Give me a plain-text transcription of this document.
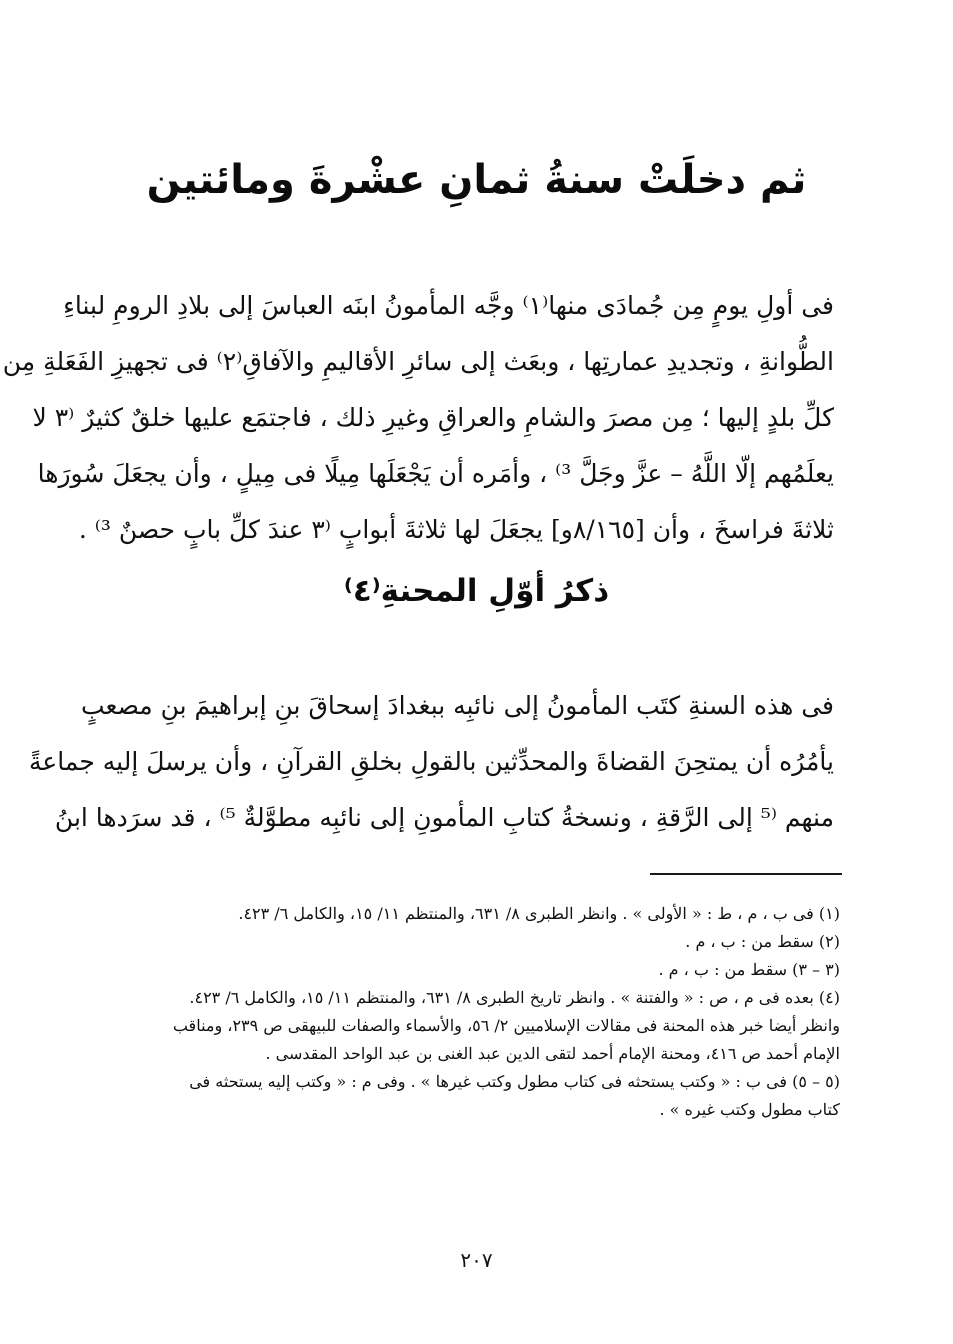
ثم دخلَتْ سنةُ ثمانِ عشْرةَ ومائتين
فى أولِ يومٍ مِن جُمادَى منها⁽١⁾ وجَّه المأمونُ ابنَه العباسَ إلى بلادِ الرومِ لبناءِ
الطُّوانةِ ، وتجديدِ عمارتِها ، وبعَث إلى سائرِ الأقاليمِ والآفاقِ⁽٢⁾ فى تجهيزِ الفَعَلةِ مِن
كلِّ بلدٍ إليها ؛ مِن مصرَ والشامِ والعراقِ وغيرِ ذلك ، فاجتمَع عليها خلقٌ كثيرٌ ⁽٣ لا
يعلَمُهم إلّا اللَّهُ – عزَّ وجَلَّ ³⁾ ، وأمَره أن يَجْعَلَها مِيلًا فى مِيلٍ ، وأن يجعَلَ سُورَها
ثلاثةَ فراسخَ ، وأن [٨/١٦٥و] يجعَلَ لها ثلاثةَ أبوابٍ ⁽٣ عندَ كلِّ بابٍ حصنٌ ³⁾ .
ذكرُ أوّلِ المحنةِ⁽٤⁾
فى هذه السنةِ كتَب المأمونُ إلى نائبِه ببغدادَ إسحاقَ بنِ إبراهيمَ بنِ مصعبٍ
يأمُرُه أن يمتحِنَ القضاةَ والمحدِّثين بالقولِ بخلقِ القرآنِ ، وأن يرسلَ إليه جماعةً
منهم ⁽⁵ إلى الرَّقةِ ، ونسخةُ كتابِ المأمونِ إلى نائبِه مطوَّلةٌ ⁵⁾ ، قد سرَدها ابنُ
(١) فى ب ، م ، ط : « الأولى » . وانظر الطبرى ٨/ ٦٣١، والمنتظم ١١/ ١٥، والكامل ٦/ ٤٢٣.
(٢) سقط من : ب ، م .
(٣ – ٣) سقط من : ب ، م .
(٤) بعده فى م ، ص : « والفتنة » . وانظر تاريخ الطبرى ٨/ ٦٣١، والمنتظم ١١/ ١٥، والكامل ٦/ ٤٢٣.
وانظر أيضا خبر هذه المحنة فى مقالات الإسلاميين ٢/ ٥٦، والأسماء والصفات للبيهقى ص ٢٣٩، ومناقب
الإمام أحمد ص ٤١٦، ومحنة الإمام أحمد لتقى الدين عبد الغنى بن عبد الواحد المقدسى .
(٥ – ٥) فى ب : « وكتب يستحثه فى كتاب مطول وكتب غيرها » . وفى م : « وكتب إليه يستحثه فى
كتاب مطول وكتب غيره » .
٢٠٧
